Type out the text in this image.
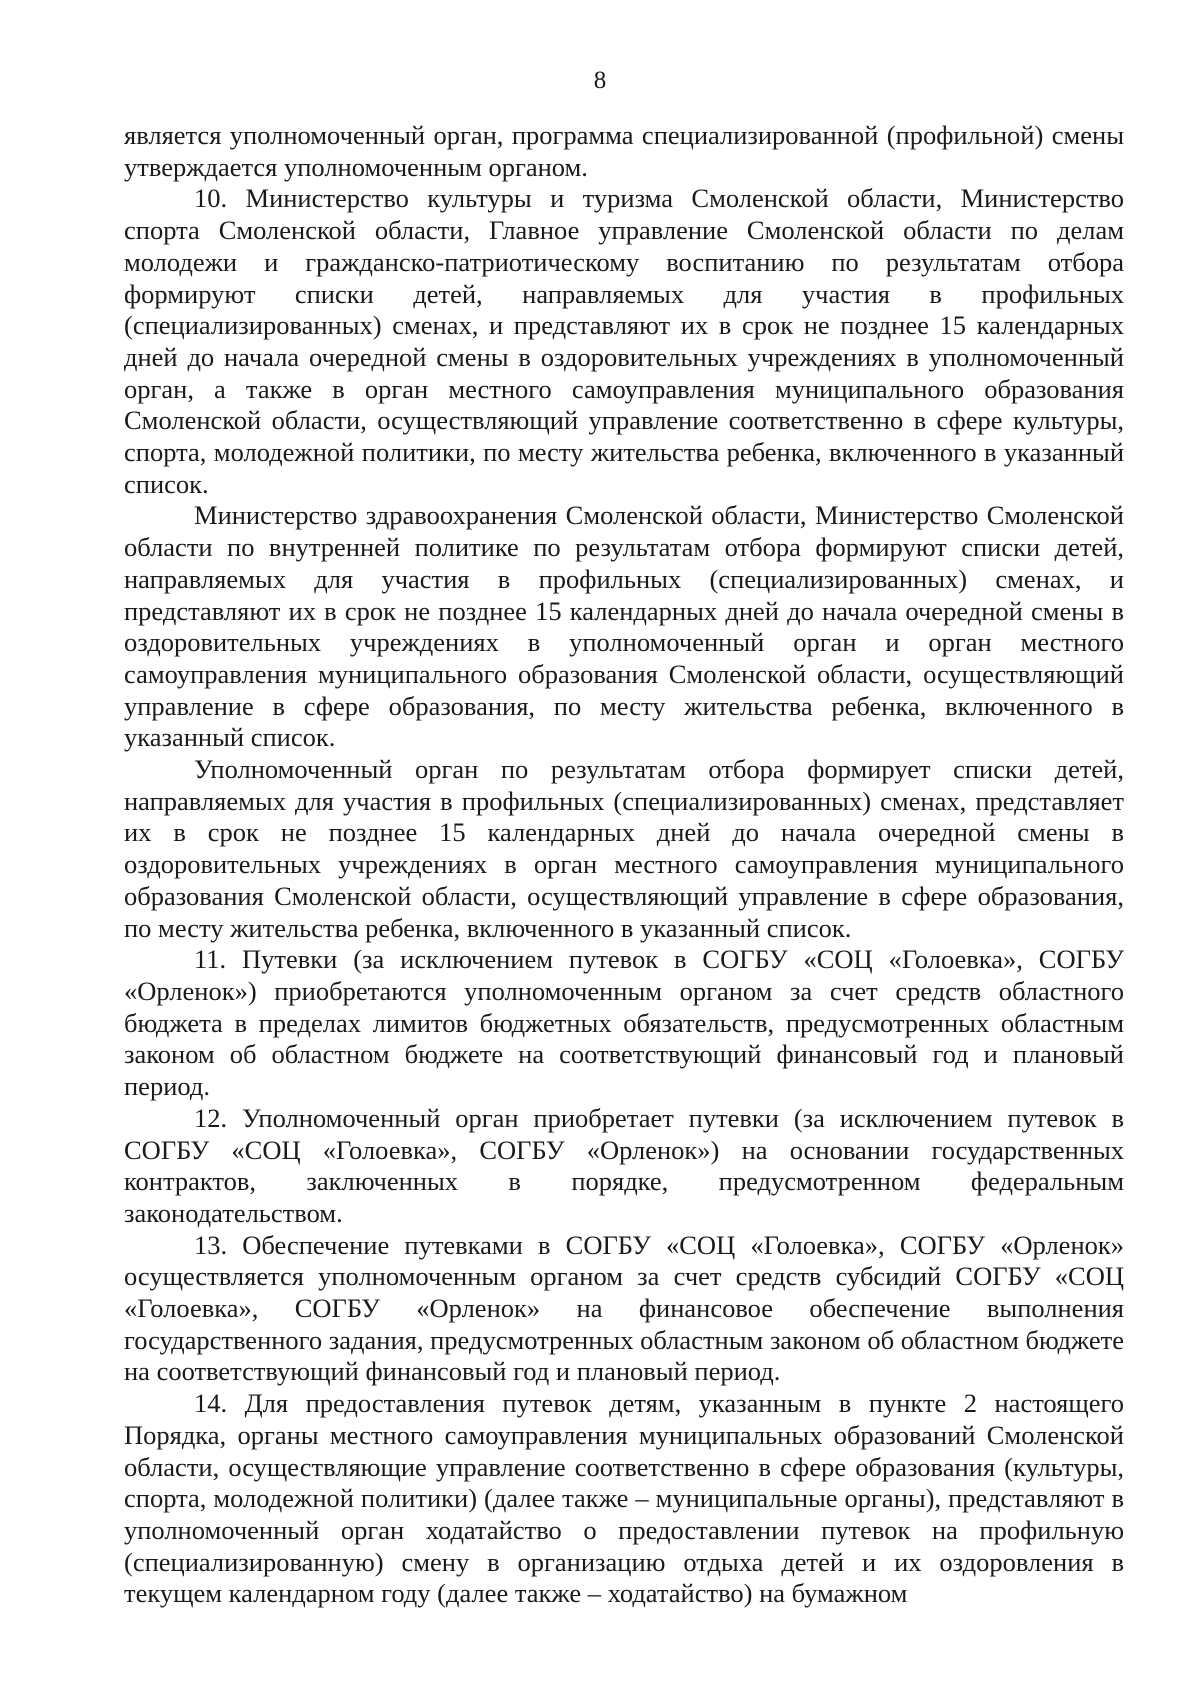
8

является уполномоченный орган, программа специализированной (профильной) смены утверждается уполномоченным органом.

10. Министерство культуры и туризма Смоленской области, Министерство спорта Смоленской области, Главное управление Смоленской области по делам молодежи и гражданско-патриотическому воспитанию по результатам отбора формируют списки детей, направляемых для участия в профильных (специализированных) сменах, и представляют их в срок не позднее 15 календарных дней до начала очередной смены в оздоровительных учреждениях в уполномоченный орган, а также в орган местного самоуправления муниципального образования Смоленской области, осуществляющий управление соответственно в сфере культуры, спорта, молодежной политики, по месту жительства ребенка, включенного в указанный список.

Министерство здравоохранения Смоленской области, Министерство Смоленской области по внутренней политике по результатам отбора формируют списки детей, направляемых для участия в профильных (специализированных) сменах, и представляют их в срок не позднее 15 календарных дней до начала очередной смены в оздоровительных учреждениях в уполномоченный орган и орган местного самоуправления муниципального образования Смоленской области, осуществляющий управление в сфере образования, по месту жительства ребенка, включенного в указанный список.

Уполномоченный орган по результатам отбора формирует списки детей, направляемых для участия в профильных (специализированных) сменах, представляет их в срок не позднее 15 календарных дней до начала очередной смены в оздоровительных учреждениях в орган местного самоуправления муниципального образования Смоленской области, осуществляющий управление в сфере образования, по месту жительства ребенка, включенного в указанный список.

11. Путевки (за исключением путевок в СОГБУ «СОЦ «Голоевка», СОГБУ «Орленок») приобретаются уполномоченным органом за счет средств областного бюджета в пределах лимитов бюджетных обязательств, предусмотренных областным законом об областном бюджете на соответствующий финансовый год и плановый период.

12. Уполномоченный орган приобретает путевки (за исключением путевок в СОГБУ «СОЦ «Голоевка», СОГБУ «Орленок») на основании государственных контрактов, заключенных в порядке, предусмотренном федеральным законодательством.

13. Обеспечение путевками в СОГБУ «СОЦ «Голоевка», СОГБУ «Орленок» осуществляется уполномоченным органом за счет средств субсидий СОГБУ «СОЦ «Голоевка», СОГБУ «Орленок» на финансовое обеспечение выполнения государственного задания, предусмотренных областным законом об областном бюджете на соответствующий финансовый год и плановый период.

14. Для предоставления путевок детям, указанным в пункте 2 настоящего Порядка, органы местного самоуправления муниципальных образований Смоленской области, осуществляющие управление соответственно в сфере образования (культуры, спорта, молодежной политики) (далее также – муниципальные органы), представляют в уполномоченный орган ходатайство о предоставлении путевок на профильную (специализированную) смену в организацию отдыха детей и их оздоровления в текущем календарном году (далее также – ходатайство) на бумажном
